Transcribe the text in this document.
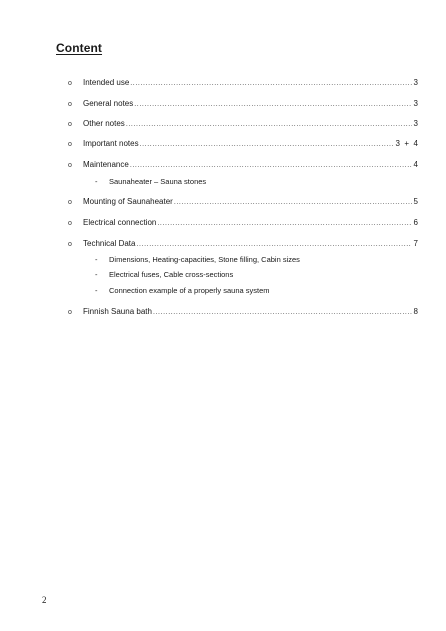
Content
o	Intended use .....	3
o	General notes .....	3
o	Other notes .....	3
o	Important notes .....	3  +  4
o	Maintenance .....	4
-	Saunaheater – Sauna stones
o	Mounting of Saunaheater .....	5
o	Electrical connection .....	6
o	Technical Data .....	7
-	Dimensions, Heating-capacities, Stone filling, Cabin sizes
-	Electrical fuses, Cable cross-sections
-	Connection example of a properly sauna system
o	Finnish Sauna bath .....	8
2
